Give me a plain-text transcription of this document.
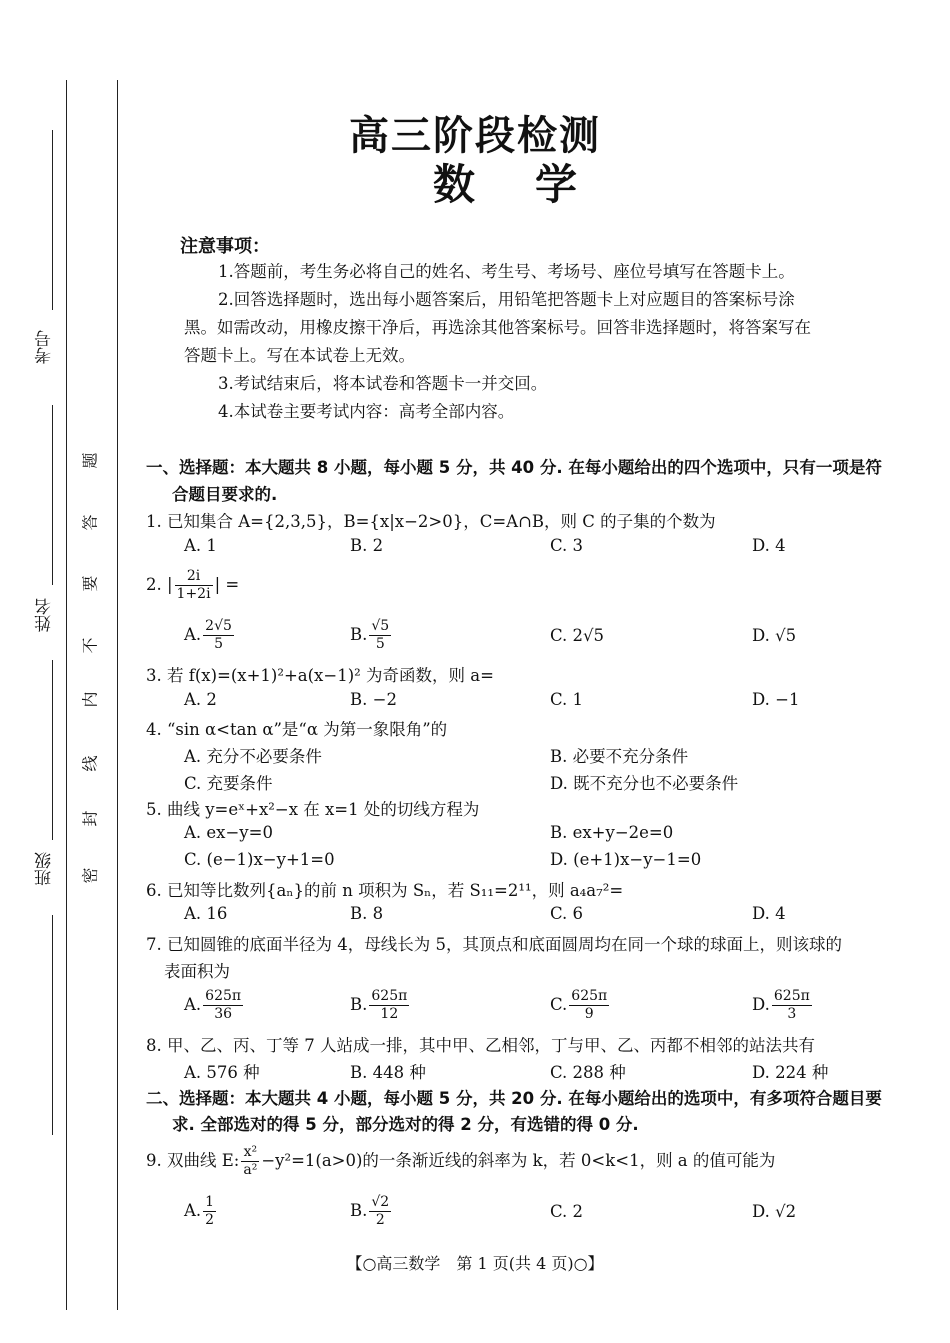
考号
姓名
班级 密
封
线
内
不
要
答
题
高三阶段检测
数学
注意事项：
1.答题前，考生务必将自己的姓名、考生号、考场号、座位号填写在答题卡上。
2.回答选择题时，选出每小题答案后，用铅笔把答题卡上对应题目的答案标号涂
黑。如需改动，用橡皮擦干净后，再选涂其他答案标号。回答非选择题时，将答案写在
答题卡上。写在本试卷上无效。
3.考试结束后，将本试卷和答题卡一并交回。
4.本试卷主要考试内容：高考全部内容。
一、选择题：本大题共 8 小题，每小题 5 分，共 40 分. 在每小题给出的四个选项中，只有一项是符
合题目要求的.
1. 已知集合 A={2,3,5}，B={x|x−2>0}，C=A∩B，则 C 的子集的个数为
A. 1	B. 2	C. 3	D. 4
2. | $\frac{2i}{1+2i}$ | =
A. $\frac{2√5}{5}$	B. $\frac{√5}{5}$	C. 2√5	D. √5
3. 若 f(x)=(x+1)²+a(x−1)² 为奇函数，则 a=
A. 2	B. −2	C. 1	D. −1
4. “sin α<tan α”是“α 为第一象限角”的
A. 充分不必要条件	B. 必要不充分条件
C. 充要条件	D. 既不充分也不必要条件
5. 曲线 y=eˣ+x²−x 在 x=1 处的切线方程为
A. ex−y=0	B. ex+y−2e=0
C. (e−1)x−y+1=0	D. (e+1)x−y−1=0
6. 已知等比数列{aₙ}的前 n 项积为 Sₙ，若 S₁₁=2¹¹，则 a₄a₇²=
A. 16	B. 8	C. 6	D. 4
7. 已知圆锥的底面半径为 4，母线长为 5，其顶点和底面圆周均在同一个球的球面上，则该球的
表面积为
A. $\frac{625\pi}{36}$	B. $\frac{625\pi}{12}$	C. $\frac{625\pi}{9}$	D. $\frac{625\pi}{3}$
8. 甲、乙、丙、丁等 7 人站成一排，其中甲、乙相邻，丁与甲、乙、丙都不相邻的站法共有
A. 576 种	B. 448 种	C. 288 种	D. 224 种
二、选择题：本大题共 4 小题，每小题 5 分，共 20 分. 在每小题给出的选项中，有多项符合题目要
求. 全部选对的得 5 分，部分选对的得 2 分，有选错的得 0 分.
9. 双曲线 E: $\frac{\text{x²}}{\text{a²}} -y^2=1(a>0)$的一条渐近线的斜率为 k，若 0<k<1，则 a 的值可能为
A. $\frac{1}{2}$	B. $\frac{√2}{2}$	C. 2	D. √2
【○高三数学　第 1 页(共 4 页)○】
